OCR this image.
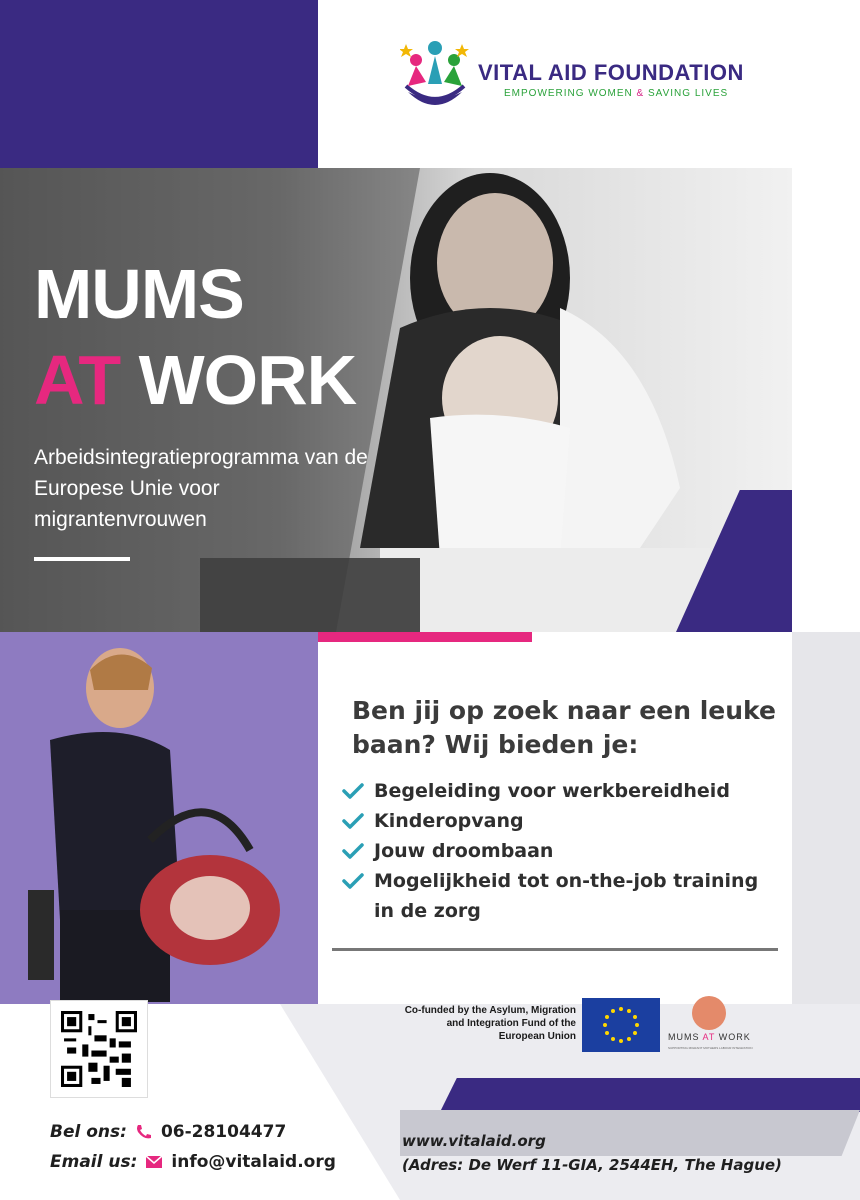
VITAL AID FOUNDATION
EMPOWERING WOMEN & SAVING LIVES
MUMS
AT WORK
Arbeidsintegratieprogramma van de Europese Unie voor migrantenvrouwen
Ben jij op zoek naar een leuke baan? Wij bieden je:
Begeleiding voor werkbereidheid
Kinderopvang
Jouw droombaan
Mogelijkheid tot on-the-job training in de zorg
Co-funded by the Asylum, Migration and Integration Fund of the European Union	MUMS AT WORK
SUPPORTING MIGRANT MOTHERS LABOUR INTEGRATION
Bel ons: 06-28104477
Email us: info@vitalaid.org
www.vitalaid.org
(Adres: De Werf 11-GIA, 2544EH, The Hague)
